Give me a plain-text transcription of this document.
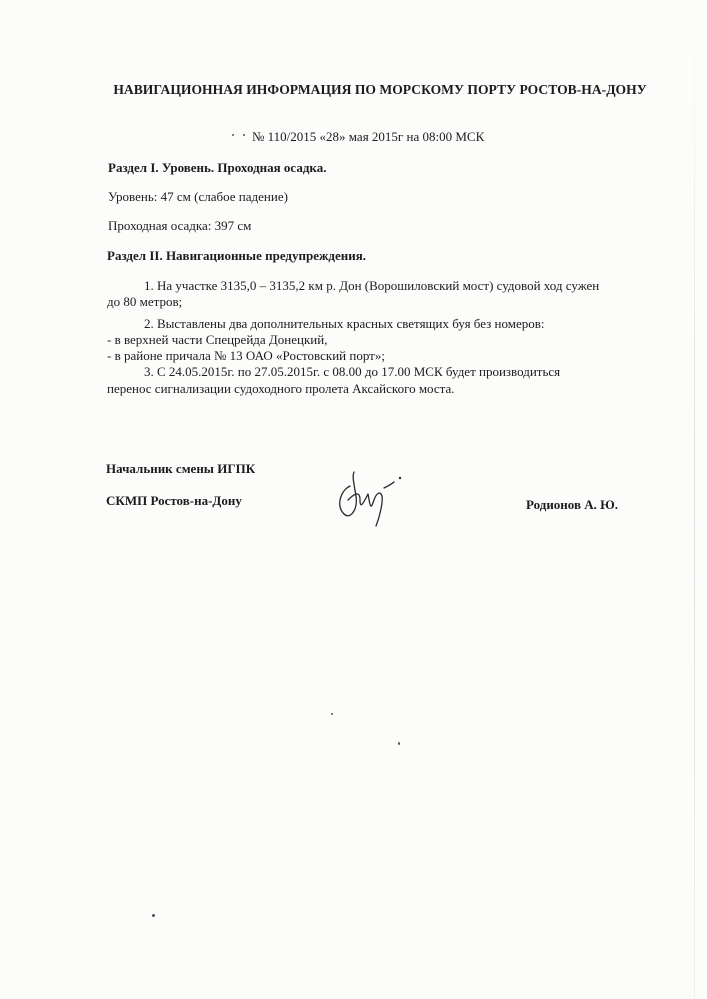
НАВИГАЦИОННАЯ ИНФОРМАЦИЯ ПО МОРСКОМУ ПОРТУ РОСТОВ-НА-ДОНУ
№ 110/2015 «28» мая 2015г на 08:00 МСК
Раздел I. Уровень. Проходная осадка.
Уровень: 47 см (слабое падение)
Проходная осадка: 397 см
Раздел II. Навигационные предупреждения.
1. На участке 3135,0 – 3135,2 км р. Дон (Ворошиловский мост) судовой ход сужен
до 80 метров;
2. Выставлены два дополнительных красных светящих буя без номеров:
- в верхней части Спецрейда Донецкий,
- в районе причала № 13 ОАО «Ростовский порт»;
3. С 24.05.2015г. по 27.05.2015г. с 08.00 до 17.00 МСК будет производиться
перенос сигнализации судоходного пролета Аксайского моста.
Начальник смены ИГПК
СКМП Ростов-на-Дону	Родионов А. Ю.
